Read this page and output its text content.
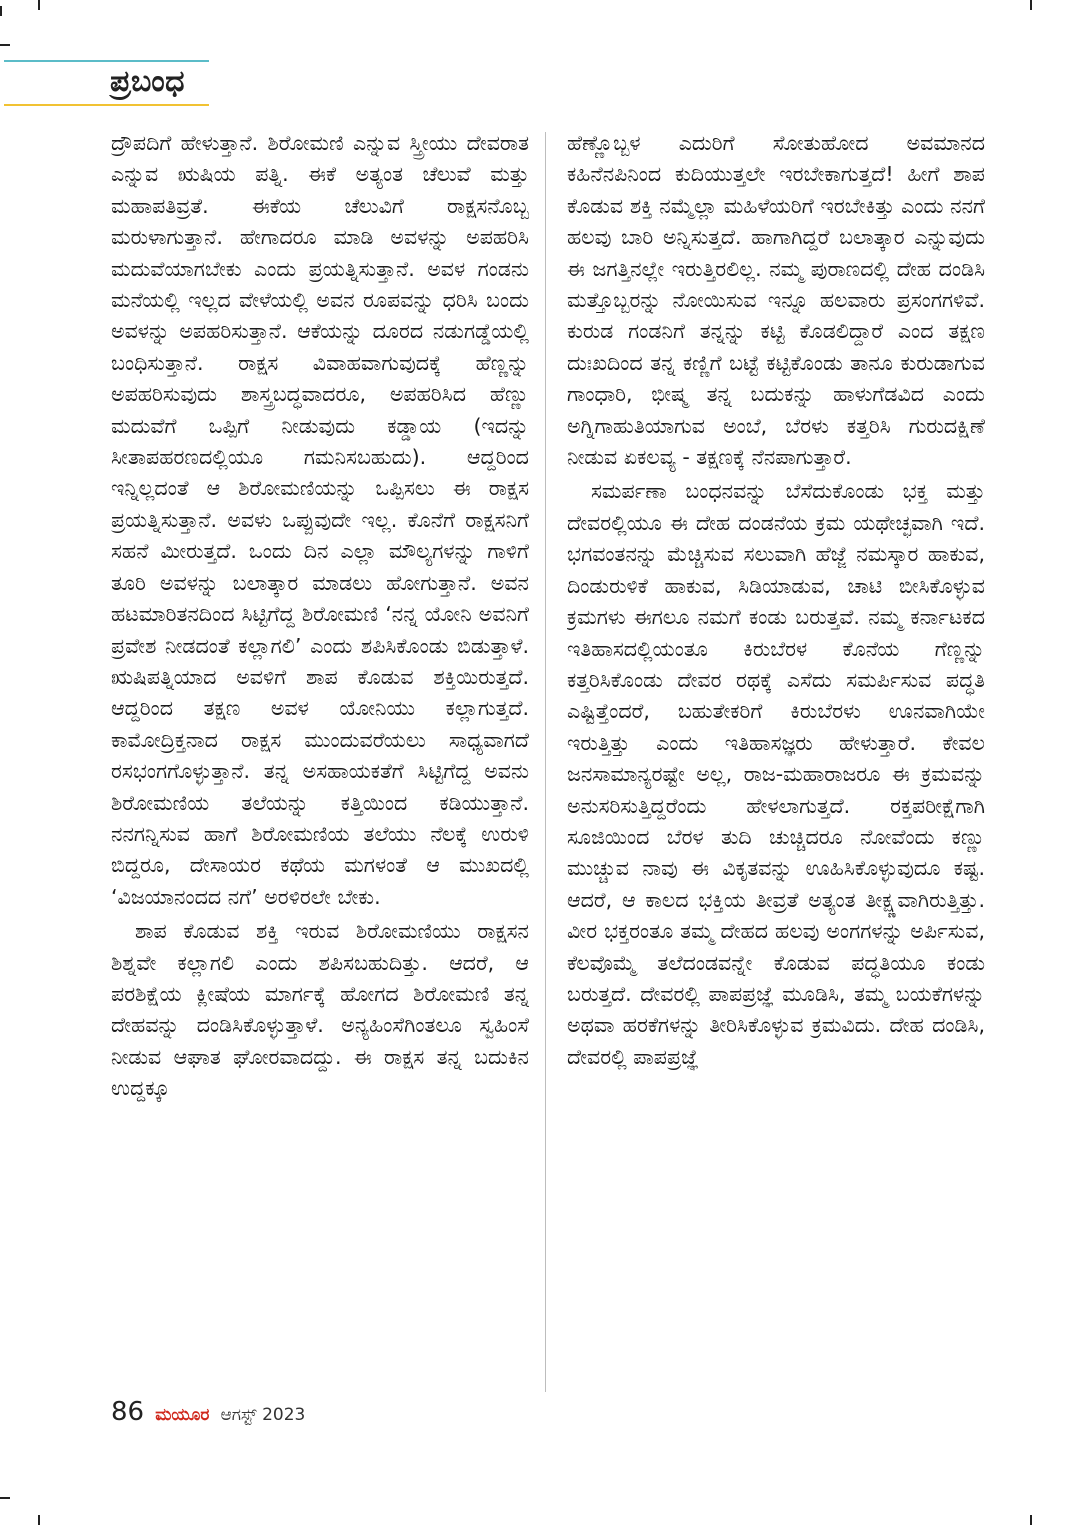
ಪ್ರಬಂಧ

ದ್ರೌಪದಿಗೆ ಹೇಳುತ್ತಾನೆ. ಶಿರೋಮಣಿ ಎನ್ನುವ ಸ್ತ್ರೀಯು ದೇವರಾತ ಎನ್ನುವ ಋಷಿಯ ಪತ್ನಿ. ಈಕೆ ಅತ್ಯಂತ ಚೆಲುವೆ ಮತ್ತು ಮಹಾಪತಿವ್ರತೆ. ಈಕೆಯ ಚೆಲುವಿಗೆ ರಾಕ್ಷಸನೊಬ್ಬ ಮರುಳಾಗುತ್ತಾನೆ. ಹೇಗಾದರೂ ಮಾಡಿ ಅವಳನ್ನು ಅಪಹರಿಸಿ ಮದುವೆಯಾಗಬೇಕು ಎಂದು ಪ್ರಯತ್ನಿಸುತ್ತಾನೆ. ಅವಳ ಗಂಡನು ಮನೆಯಲ್ಲಿ ಇಲ್ಲದ ವೇಳೆಯಲ್ಲಿ ಅವನ ರೂಪವನ್ನು ಧರಿಸಿ ಬಂದು ಅವಳನ್ನು ಅಪಹರಿಸುತ್ತಾನೆ. ಆಕೆಯನ್ನು ದೂರದ ನಡುಗಡ್ಡೆಯಲ್ಲಿ ಬಂಧಿಸುತ್ತಾನೆ. ರಾಕ್ಷಸ ವಿವಾಹವಾಗುವುದಕ್ಕೆ ಹೆಣ್ಣನ್ನು ಅಪಹರಿಸುವುದು ಶಾಸ್ತ್ರಬದ್ಧವಾದರೂ, ಅಪಹರಿಸಿದ ಹೆಣ್ಣು ಮದುವೆಗೆ ಒಪ್ಪಿಗೆ ನೀಡುವುದು ಕಡ್ಡಾಯ (ಇದನ್ನು ಸೀತಾಪಹರಣದಲ್ಲಿಯೂ ಗಮನಿಸಬಹುದು). ಆದ್ದರಿಂದ ಇನ್ನಿಲ್ಲದಂತೆ ಆ ಶಿರೋಮಣಿಯನ್ನು ಒಪ್ಪಿಸಲು ಈ ರಾಕ್ಷಸ ಪ್ರಯತ್ನಿಸುತ್ತಾನೆ. ಅವಳು ಒಪ್ಪುವುದೇ ಇಲ್ಲ. ಕೊನೆಗೆ ರಾಕ್ಷಸನಿಗೆ ಸಹನೆ ಮೀರುತ್ತದೆ. ಒಂದು ದಿನ ಎಲ್ಲಾ ಮೌಲ್ಯಗಳನ್ನು ಗಾಳಿಗೆ ತೂರಿ ಅವಳನ್ನು ಬಲಾತ್ಕಾರ ಮಾಡಲು ಹೋಗುತ್ತಾನೆ. ಅವನ ಹಟಮಾರಿತನದಿಂದ ಸಿಟ್ಟಿಗೆದ್ದ ಶಿರೋಮಣಿ ‘ನನ್ನ ಯೋನಿ ಅವನಿಗೆ ಪ್ರವೇಶ ನೀಡದಂತೆ ಕಲ್ಲಾಗಲಿ’ ಎಂದು ಶಪಿಸಿಕೊಂಡು ಬಿಡುತ್ತಾಳೆ. ಋಷಿಪತ್ನಿಯಾದ ಅವಳಿಗೆ ಶಾಪ ಕೊಡುವ ಶಕ್ತಿಯಿರುತ್ತದೆ. ಆದ್ದರಿಂದ ತಕ್ಷಣ ಅವಳ ಯೋನಿಯು ಕಲ್ಲಾಗುತ್ತದೆ. ಕಾಮೋದ್ರಿಕ್ತನಾದ ರಾಕ್ಷಸ ಮುಂದುವರೆಯಲು ಸಾಧ್ಯವಾಗದೆ ರಸಭಂಗಗೊಳ್ಳುತ್ತಾನೆ. ತನ್ನ ಅಸಹಾಯಕತೆಗೆ ಸಿಟ್ಟಿಗೆದ್ದ ಅವನು ಶಿರೋಮಣಿಯ ತಲೆಯನ್ನು ಕತ್ತಿಯಿಂದ ಕಡಿಯುತ್ತಾನೆ. ನನಗನ್ನಿಸುವ ಹಾಗೆ ಶಿರೋಮಣಿಯ ತಲೆಯು ನೆಲಕ್ಕೆ ಉರುಳಿ ಬಿದ್ದರೂ, ದೇಸಾಯರ ಕಥೆಯ ಮಗಳಂತೆ ಆ ಮುಖದಲ್ಲಿ ‘ವಿಜಯಾನಂದದ ನಗೆ’ ಅರಳಿರಲೇ ಬೇಕು.

ಶಾಪ ಕೊಡುವ ಶಕ್ತಿ ಇರುವ ಶಿರೋಮಣಿಯು ರಾಕ್ಷಸನ ಶಿಶ್ನವೇ ಕಲ್ಲಾಗಲಿ ಎಂದು ಶಪಿಸಬಹುದಿತ್ತು. ಆದರೆ, ಆ ಪರಶಿಕ್ಷೆಯ ಕ್ಲೀಷೆಯ ಮಾರ್ಗಕ್ಕೆ ಹೋಗದ ಶಿರೋಮಣಿ ತನ್ನ ದೇಹವನ್ನು ದಂಡಿಸಿಕೊಳ್ಳುತ್ತಾಳೆ. ಅನ್ಯಹಿಂಸೆಗಿಂತಲೂ ಸ್ವಹಿಂಸೆ ನೀಡುವ ಆಘಾತ ಘೋರವಾದದ್ದು. ಈ ರಾಕ್ಷಸ ತನ್ನ ಬದುಕಿನ ಉದ್ದಕ್ಕೂ

ಹೆಣ್ಣೊಬ್ಬಳ ಎದುರಿಗೆ ಸೋತುಹೋದ ಅವಮಾನದ ಕಹಿನೆನಪಿನಿಂದ ಕುದಿಯುತ್ತಲೇ ಇರಬೇಕಾಗುತ್ತದೆ! ಹೀಗೆ ಶಾಪ ಕೊಡುವ ಶಕ್ತಿ ನಮ್ಮೆಲ್ಲಾ ಮಹಿಳೆಯರಿಗೆ ಇರಬೇಕಿತ್ತು ಎಂದು ನನಗೆ ಹಲವು ಬಾರಿ ಅನ್ನಿಸುತ್ತದೆ. ಹಾಗಾಗಿದ್ದರೆ ಬಲಾತ್ಕಾರ ಎನ್ನುವುದು ಈ ಜಗತ್ತಿನಲ್ಲೇ ಇರುತ್ತಿರಲಿಲ್ಲ. ನಮ್ಮ ಪುರಾಣದಲ್ಲಿ ದೇಹ ದಂಡಿಸಿ ಮತ್ತೊಬ್ಬರನ್ನು ನೋಯಿಸುವ ಇನ್ನೂ ಹಲವಾರು ಪ್ರಸಂಗಗಳಿವೆ. ಕುರುಡ ಗಂಡನಿಗೆ ತನ್ನನ್ನು ಕಟ್ಟಿ ಕೊಡಲಿದ್ದಾರೆ ಎಂದ ತಕ್ಷಣ ದುಃಖದಿಂದ ತನ್ನ ಕಣ್ಣಿಗೆ ಬಟ್ಟೆ ಕಟ್ಟಿಕೊಂಡು ತಾನೂ ಕುರುಡಾಗುವ ಗಾಂಧಾರಿ, ಭೀಷ್ಮ ತನ್ನ ಬದುಕನ್ನು ಹಾಳುಗೆಡವಿದ ಎಂದು ಅಗ್ನಿಗಾಹುತಿಯಾಗುವ ಅಂಬೆ, ಬೆರಳು ಕತ್ತರಿಸಿ ಗುರುದಕ್ಷಿಣೆ ನೀಡುವ ಏಕಲವ್ಯ - ತಕ್ಷಣಕ್ಕೆ ನೆನಪಾಗುತ್ತಾರೆ.

ಸಮರ್ಪಣಾ ಬಂಧನವನ್ನು ಬೆಸೆದುಕೊಂಡು ಭಕ್ತ ಮತ್ತು ದೇವರಲ್ಲಿಯೂ ಈ ದೇಹ ದಂಡನೆಯ ಕ್ರಮ ಯಥೇಚ್ಛವಾಗಿ ಇದೆ. ಭಗವಂತನನ್ನು ಮೆಚ್ಚಿಸುವ ಸಲುವಾಗಿ ಹೆಜ್ಜೆ ನಮಸ್ಕಾರ ಹಾಕುವ, ದಿಂಡುರುಳಿಕೆ ಹಾಕುವ, ಸಿಡಿಯಾಡುವ, ಚಾಟಿ ಬೀಸಿಕೊಳ್ಳುವ ಕ್ರಮಗಳು ಈಗಲೂ ನಮಗೆ ಕಂಡು ಬರುತ್ತವೆ. ನಮ್ಮ ಕರ್ನಾಟಕದ ಇತಿಹಾಸದಲ್ಲಿಯಂತೂ ಕಿರುಬೆರಳ ಕೊನೆಯ ಗೆಣ್ಣನ್ನು ಕತ್ತರಿಸಿಕೊಂಡು ದೇವರ ರಥಕ್ಕೆ ಎಸೆದು ಸಮರ್ಪಿಸುವ ಪದ್ಧತಿ ಎಷ್ಟಿತ್ತೆಂದರೆ, ಬಹುತೇಕರಿಗೆ ಕಿರುಬೆರಳು ಊನವಾಗಿಯೇ ಇರುತ್ತಿತ್ತು ಎಂದು ಇತಿಹಾಸಜ್ಞರು ಹೇಳುತ್ತಾರೆ. ಕೇವಲ ಜನಸಾಮಾನ್ಯರಷ್ಟೇ ಅಲ್ಲ, ರಾಜ-ಮಹಾರಾಜರೂ ಈ ಕ್ರಮವನ್ನು ಅನುಸರಿಸುತ್ತಿದ್ದರೆಂದು ಹೇಳಲಾಗುತ್ತದೆ. ರಕ್ತಪರೀಕ್ಷೆಗಾಗಿ ಸೂಜಿಯಿಂದ ಬೆರಳ ತುದಿ ಚುಚ್ಚಿದರೂ ನೋವೆಂದು ಕಣ್ಣು ಮುಚ್ಚುವ ನಾವು ಈ ವಿಕೃತವನ್ನು ಊಹಿಸಿಕೊಳ್ಳುವುದೂ ಕಷ್ಟ. ಆದರೆ, ಆ ಕಾಲದ ಭಕ್ತಿಯ ತೀವ್ರತೆ ಅತ್ಯಂತ ತೀಕ್ಷ್ಣವಾಗಿರುತ್ತಿತ್ತು. ವೀರ ಭಕ್ತರಂತೂ ತಮ್ಮ ದೇಹದ ಹಲವು ಅಂಗಗಳನ್ನು ಅರ್ಪಿಸುವ, ಕೆಲವೊಮ್ಮೆ ತಲೆದಂಡವನ್ನೇ ಕೊಡುವ ಪದ್ಧತಿಯೂ ಕಂಡು ಬರುತ್ತದೆ. ದೇವರಲ್ಲಿ ಪಾಪಪ್ರಜ್ಞೆ ಮೂಡಿಸಿ, ತಮ್ಮ ಬಯಕೆಗಳನ್ನು ಅಥವಾ ಹರಕೆಗಳನ್ನು ತೀರಿಸಿಕೊಳ್ಳುವ ಕ್ರಮವಿದು. ದೇಹ ದಂಡಿಸಿ, ದೇವರಲ್ಲಿ ಪಾಪಪ್ರಜ್ಞೆ

86 ಮಯೂರ ಆಗಸ್ಟ್ 2023
